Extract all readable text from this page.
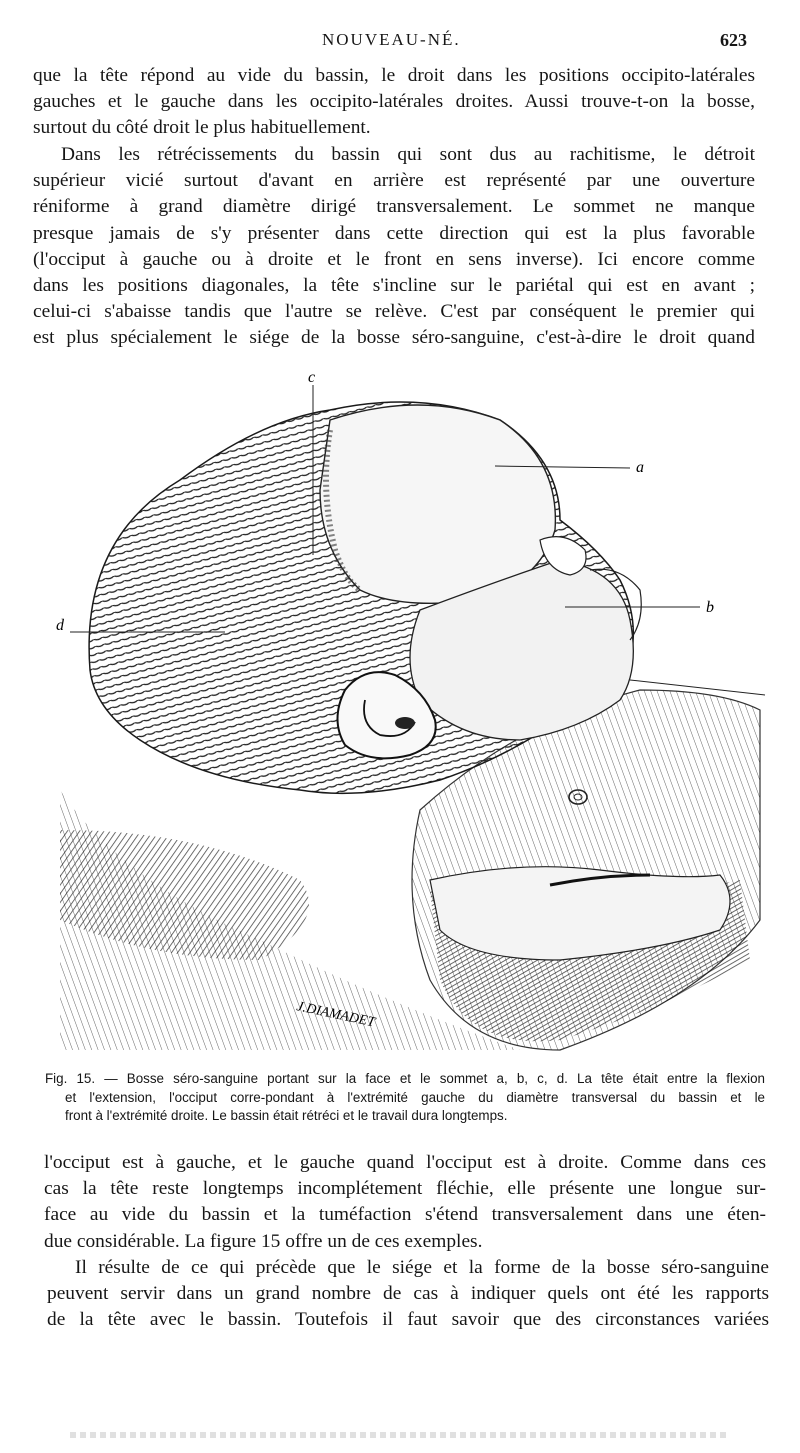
NOUVEAU-NÉ.	623
que la tête répond au vide du bassin, le droit dans les positions occipito-latérales
gauches et le gauche dans les occipito-latérales droites. Aussi trouve-t-on la bosse,
surtout du côté droit le plus habituellement.
Dans les rétrécissements du bassin qui sont dus au rachitisme, le détroit
supérieur vicié surtout d'avant en arrière est représenté par une ouverture
réniforme à grand diamètre dirigé transversalement. Le sommet ne manque
presque jamais de s'y présenter dans cette direction qui est la plus favorable
(l'occiput à gauche ou à droite et le front en sens inverse). Ici encore comme
dans les positions diagonales, la tête s'incline sur le pariétal qui est en avant ;
celui-ci s'abaisse tandis que l'autre se relève. C'est par conséquent le premier qui
est plus spécialement le siége de la bosse séro-sanguine, c'est-à-dire le droit quand
c
a
b
d
J.DIAMADET
Fig. 15. — Bosse séro-sanguine portant sur la face et le sommet a, b, c, d. La tête était entre la flexion
et l'extension, l'occiput corre-pondant à l'extrémité gauche du diamètre transversal du bassin et le
front à l'extrémité droite. Le bassin était rétréci et le travail dura longtemps.
l'occiput est à gauche, et le gauche quand l'occiput est à droite. Comme dans ces
cas la tête reste longtemps incomplétement fléchie, elle présente une longue sur-
face au vide du bassin et la tuméfaction s'étend transversalement dans une éten-
due considérable. La figure 15 offre un de ces exemples.
Il résulte de ce qui précède que le siége et la forme de la bosse séro-sanguine
peuvent servir dans un grand nombre de cas à indiquer quels ont été les rapports
de la tête avec le bassin. Toutefois il faut savoir que des circonstances variées
